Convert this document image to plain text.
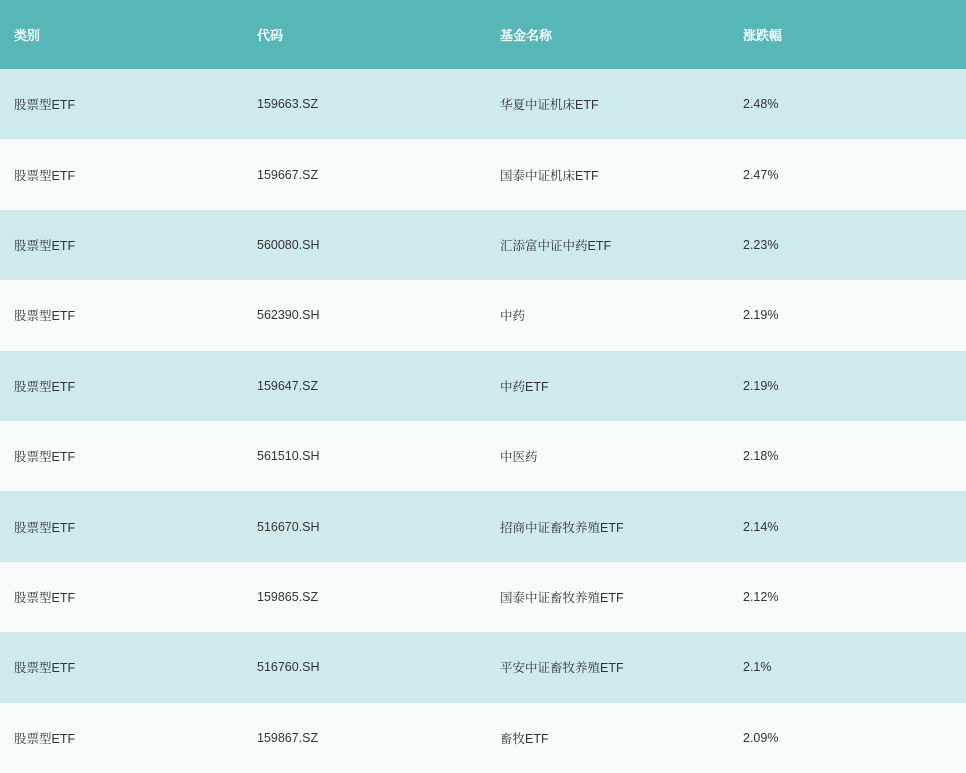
类别	代码	基金名称	涨跌幅
股票型ETF	159663.SZ	华夏中证机床ETF	2.48%
股票型ETF	159667.SZ	国泰中证机床ETF	2.47%
股票型ETF	560080.SH	汇添富中证中药ETF	2.23%
股票型ETF	562390.SH	中药	2.19%
股票型ETF	159647.SZ	中药ETF	2.19%
股票型ETF	561510.SH	中医药	2.18%
股票型ETF	516670.SH	招商中证畜牧养殖ETF	2.14%
股票型ETF	159865.SZ	国泰中证畜牧养殖ETF	2.12%
股票型ETF	516760.SH	平安中证畜牧养殖ETF	2.1%
股票型ETF	159867.SZ	畜牧ETF	2.09%
